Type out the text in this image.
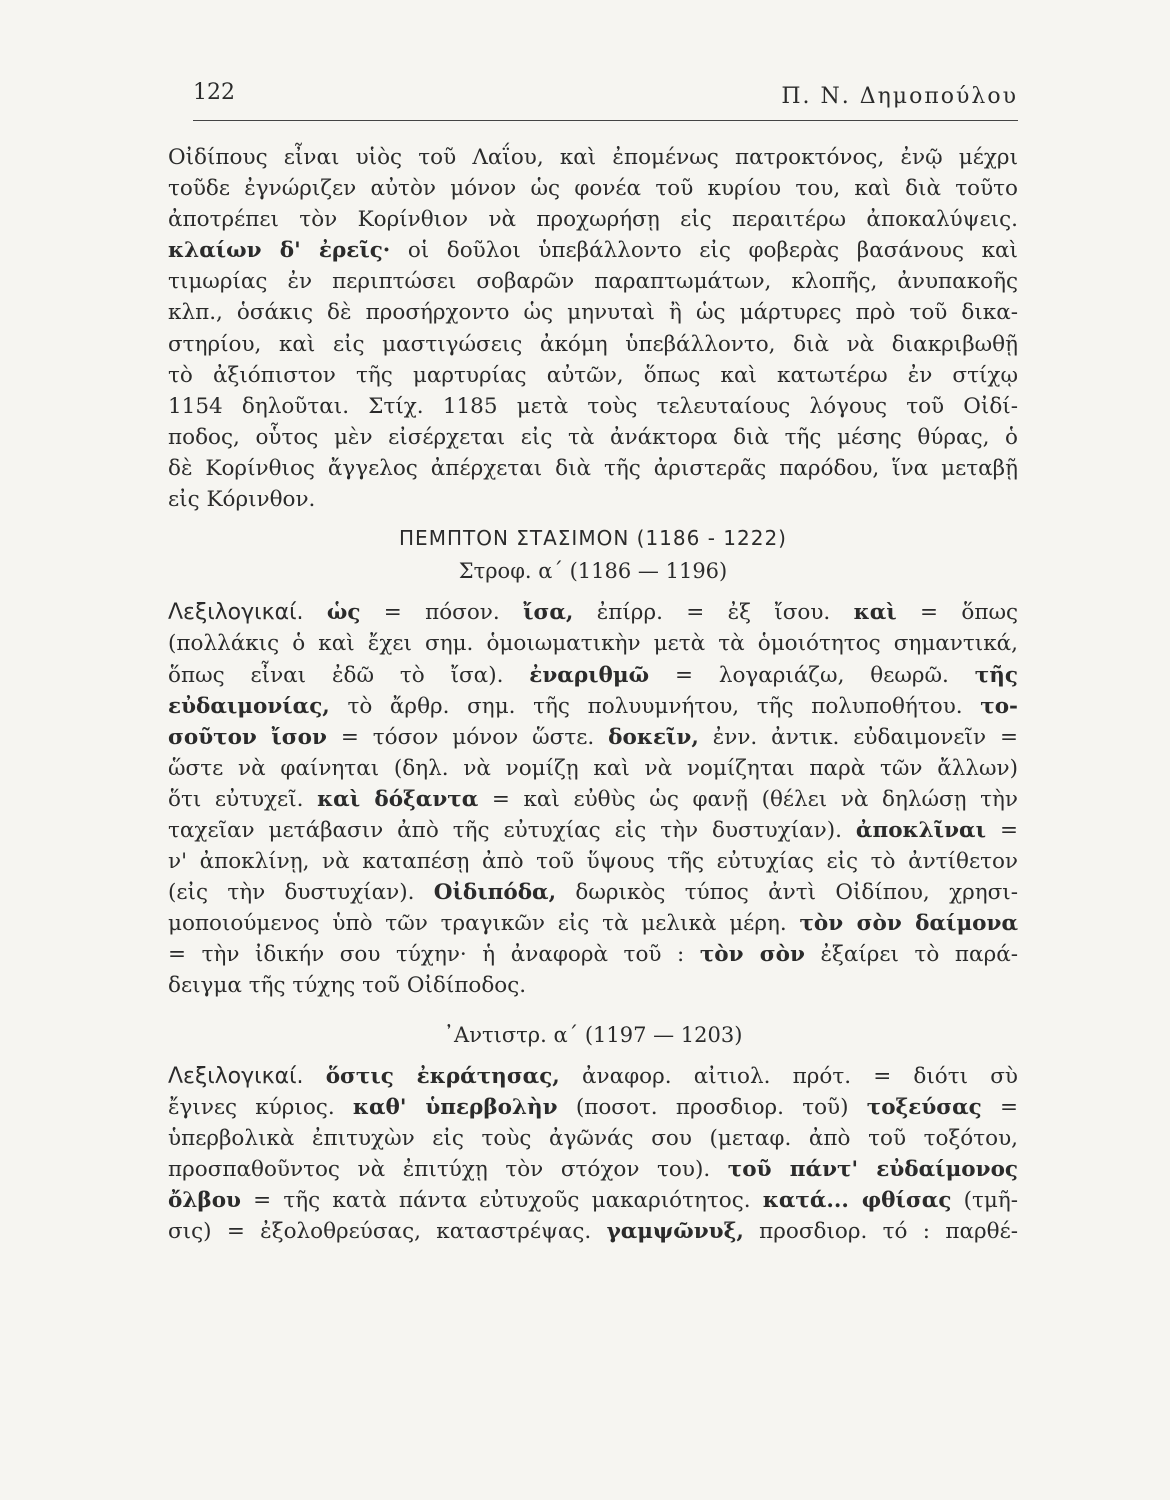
122	Π. Ν. Δημοπούλου
Οἰδίπους εἶναι υἱὸς τοῦ Λαΐου, καὶ ἐπομένως πατροκτόνος, ἐνῷ μέχρι
τοῦδε ἐγνώριζεν αὐτὸν μόνον ὡς φονέα τοῦ κυρίου του, καὶ διὰ τοῦτο
ἀποτρέπει τὸν Κορίνθιον νὰ προχωρήσῃ εἰς περαιτέρω ἀποκαλύψεις.
κλαίων δ' ἐρεῖς· οἱ δοῦλοι ὑπεβάλλοντο εἰς φοβερὰς βασάνους καὶ
τιμωρίας ἐν περιπτώσει σοβαρῶν παραπτωμάτων, κλοπῆς, ἀνυπακοῆς
κλπ., ὁσάκις δὲ προσήρχοντο ὡς μηνυταὶ ἢ ὡς μάρτυρες πρὸ τοῦ δικα-
στηρίου, καὶ εἰς μαστιγώσεις ἀκόμη ὑπεβάλλοντο, διὰ νὰ διακριβωθῇ
τὸ ἀξιόπιστον τῆς μαρτυρίας αὐτῶν, ὅπως καὶ κατωτέρω ἐν στίχῳ
1154 δηλοῦται. Στίχ. 1185 μετὰ τοὺς τελευταίους λόγους τοῦ Οἰδί-
ποδος, οὗτος μὲν εἰσέρχεται εἰς τὰ ἀνάκτορα διὰ τῆς μέσης θύρας, ὁ
δὲ Κορίνθιος ἄγγελος ἀπέρχεται διὰ τῆς ἀριστερᾶς παρόδου, ἵνα μεταβῇ
εἰς Κόρινθον.
ΠΕΜΠΤΟΝ ΣΤΑΣΙΜΟΝ (1186 - 1222)
Στροφ. α΄ (1186 — 1196)
Λεξιλογικαί. ὡς = πόσον. ἴσα, ἐπίρρ. = ἐξ ἴσου. καὶ = ὅπως
(πολλάκις ὁ καὶ ἔχει σημ. ὁμοιωματικὴν μετὰ τὰ ὁμοιότητος σημαντικά,
ὅπως εἶναι ἐδῶ τὸ ἴσα). ἐναριθμῶ = λογαριάζω, θεωρῶ. τῆς
εὐδαιμονίας, τὸ ἄρθρ. σημ. τῆς πολυυμνήτου, τῆς πολυποθήτου. το-
σοῦτον ἴσον = τόσον μόνον ὥστε. δοκεῖν, ἐνν. ἀντικ. εὐδαιμονεῖν =
ὥστε νὰ φαίνηται (δηλ. νὰ νομίζῃ καὶ νὰ νομίζηται παρὰ τῶν ἄλλων)
ὅτι εὐτυχεῖ. καὶ δόξαντα = καὶ εὐθὺς ὡς φανῇ (θέλει νὰ δηλώσῃ τὴν
ταχεῖαν μετάβασιν ἀπὸ τῆς εὐτυχίας εἰς τὴν δυστυχίαν). ἀποκλῖναι =
ν' ἀποκλίνῃ, νὰ καταπέσῃ ἀπὸ τοῦ ὕψους τῆς εὐτυχίας εἰς τὸ ἀντίθετον
(εἰς τὴν δυστυχίαν). Οἰδιπόδα, δωρικὸς τύπος ἀντὶ Οἰδίπου, χρησι-
μοποιούμενος ὑπὸ τῶν τραγικῶν εἰς τὰ μελικὰ μέρη. τὸν σὸν δαίμονα
= τὴν ἰδικήν σου τύχην· ἡ ἀναφορὰ τοῦ : τὸν σὸν ἐξαίρει τὸ παρά-
δειγμα τῆς τύχης τοῦ Οἰδίποδος.
᾿Αντιστρ. α΄ (1197 — 1203)
Λεξιλογικαί. ὅστις ἐκράτησας, ἀναφορ. αἰτιολ. πρότ. = διότι σὺ
ἔγινες κύριος. καθ' ὑπερβολὴν (ποσοτ. προσδιορ. τοῦ) τοξεύσας =
ὑπερβολικὰ ἐπιτυχὼν εἰς τοὺς ἀγῶνάς σου (μεταφ. ἀπὸ τοῦ τοξότου,
προσπαθοῦντος νὰ ἐπιτύχῃ τὸν στόχον του). τοῦ πάντ' εὐδαίμονος
ὄλβου = τῆς κατὰ πάντα εὐτυχοῦς μακαριότητος. κατά... φθίσας (τμῆ-
σις) = ἐξολοθρεύσας, καταστρέψας. γαμψῶνυξ, προσδιορ. τό : παρθέ-
